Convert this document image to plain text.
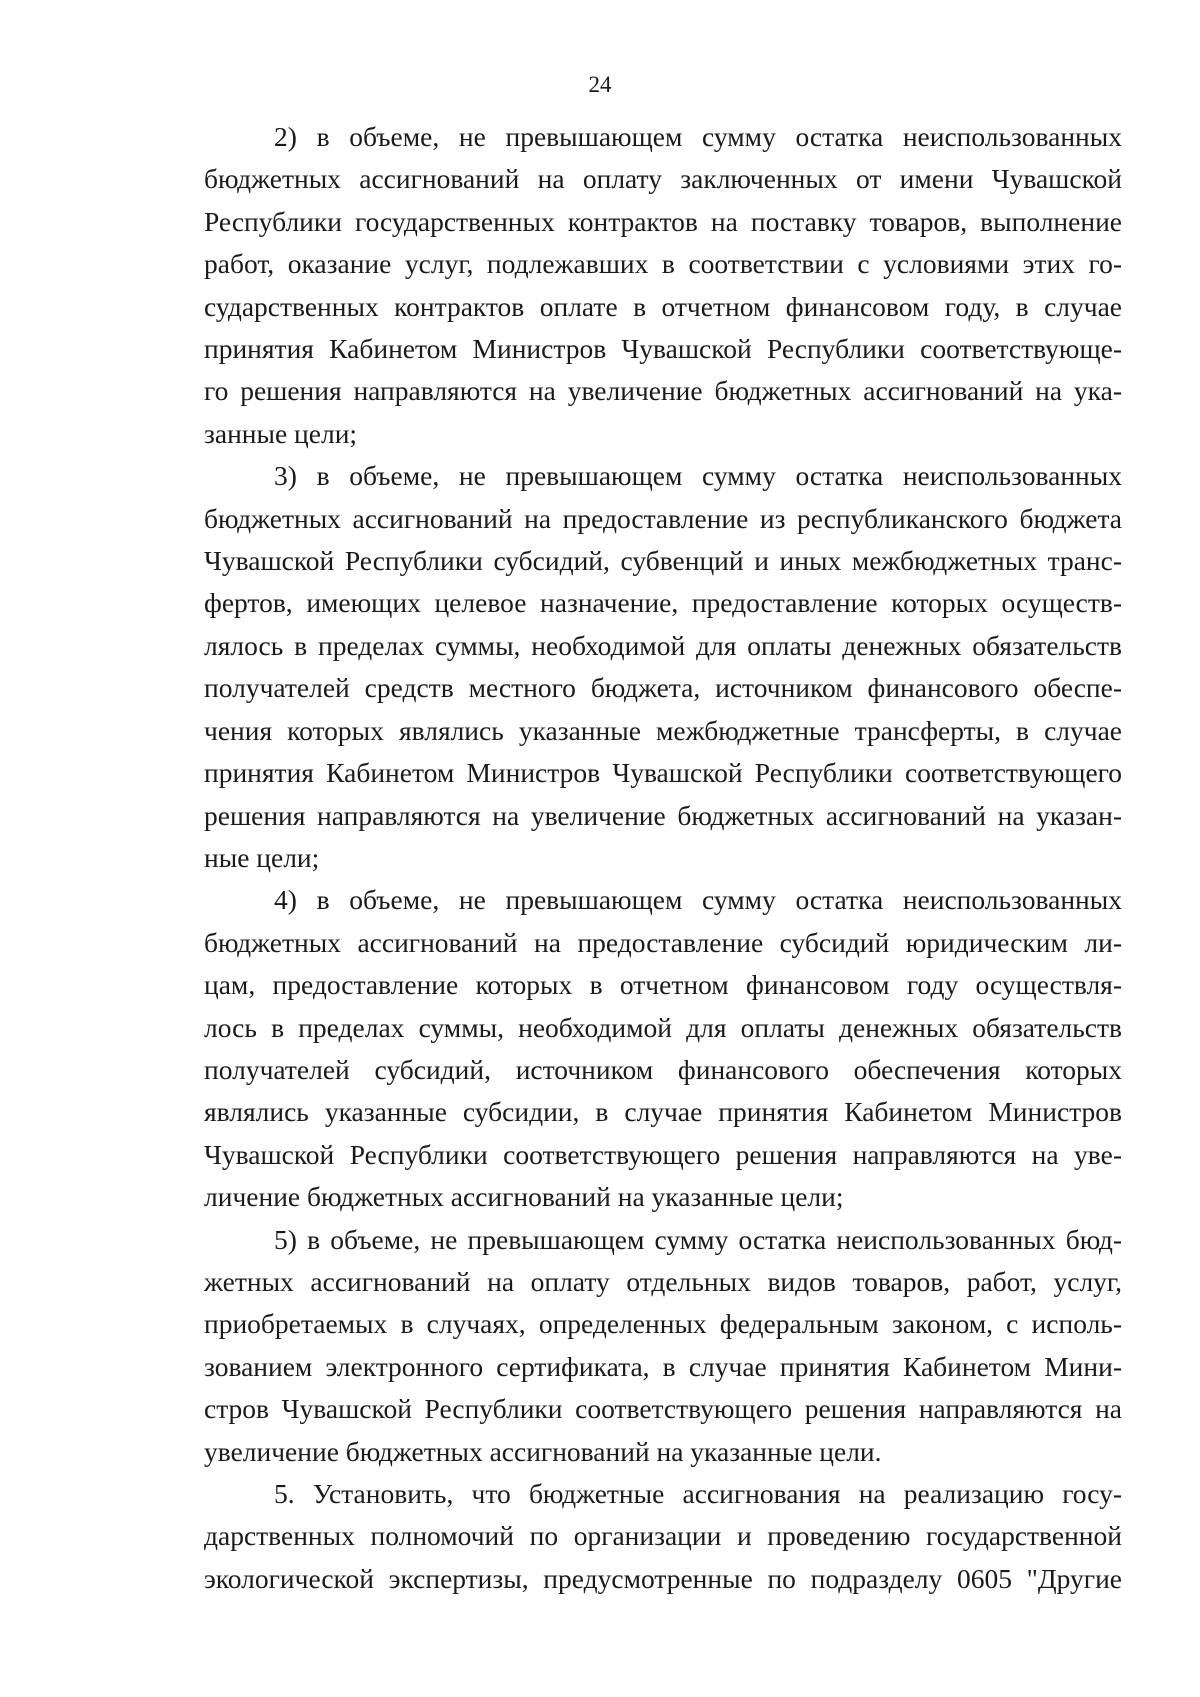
24
2) в объеме, не превышающем сумму остатка неиспользованных
бюджетных ассигнований на оплату заключенных от имени Чувашской
Республики государственных контрактов на поставку товаров, выполнение
работ, оказание услуг, подлежавших в соответствии с условиями этих го-
сударственных контрактов оплате в отчетном финансовом году, в случае
принятия Кабинетом Министров Чувашской Республики соответствующе-
го решения направляются на увеличение бюджетных ассигнований на ука-
занные цели;
3) в объеме, не превышающем сумму остатка неиспользованных
бюджетных ассигнований на предоставление из республиканского бюджета
Чувашской Республики субсидий, субвенций и иных межбюджетных транс-
фертов, имеющих целевое назначение, предоставление которых осуществ-
лялось в пределах суммы, необходимой для оплаты денежных обязательств
получателей средств местного бюджета, источником финансового обеспе-
чения которых являлись указанные межбюджетные трансферты, в случае
принятия Кабинетом Министров Чувашской Республики соответствующего
решения направляются на увеличение бюджетных ассигнований на указан-
ные цели;
4) в объеме, не превышающем сумму остатка неиспользованных
бюджетных ассигнований на предоставление субсидий юридическим ли-
цам, предоставление которых в отчетном финансовом году осуществля-
лось в пределах суммы, необходимой для оплаты денежных обязательств
получателей субсидий, источником финансового обеспечения которых
являлись указанные субсидии, в случае принятия Кабинетом Министров
Чувашской Республики соответствующего решения направляются на уве-
личение бюджетных ассигнований на указанные цели;
5) в объеме, не превышающем сумму остатка неиспользованных бюд-
жетных ассигнований на оплату отдельных видов товаров, работ, услуг,
приобретаемых в случаях, определенных федеральным законом, с исполь-
зованием электронного сертификата, в случае принятия Кабинетом Мини-
стров Чувашской Республики соответствующего решения направляются на
увеличение бюджетных ассигнований на указанные цели.
5. Установить, что бюджетные ассигнования на реализацию госу-
дарственных полномочий по организации и проведению государственной
экологической экспертизы, предусмотренные по подразделу 0605 "Другие
